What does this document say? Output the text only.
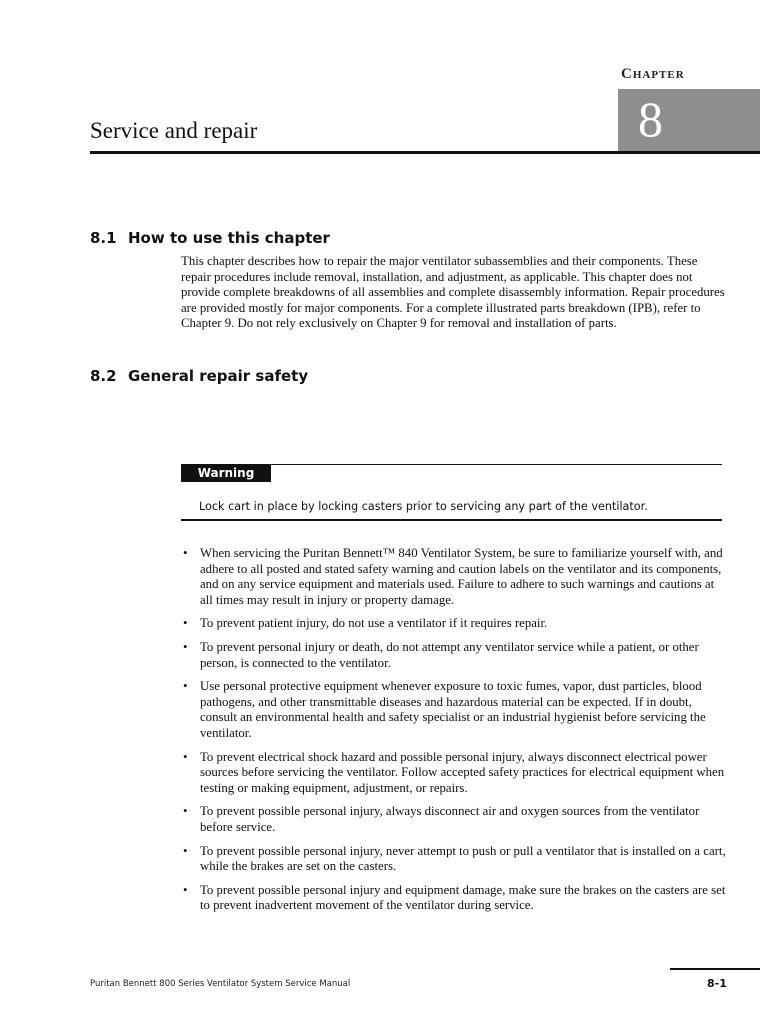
Chapter
8
Service and repair
8.1 How to use this chapter

This chapter describes how to repair the major ventilator subassemblies and their components. These repair procedures include removal, installation, and adjustment, as applicable. This chapter does not provide complete breakdowns of all assemblies and complete disassembly information. Repair procedures are provided mostly for major components. For a complete illustrated parts breakdown (IPB), refer to Chapter 9. Do not rely exclusively on Chapter 9 for removal and installation of parts.

8.2 General repair safety
Warning
Lock cart in place by locking casters prior to servicing any part of the ventilator.
• When servicing the Puritan Bennett™ 840 Ventilator System, be sure to familiarize yourself with, and adhere to all posted and stated safety warning and caution labels on the ventilator and its components, and on any service equipment and materials used. Failure to adhere to such warnings and cautions at all times may result in injury or property damage.
• To prevent patient injury, do not use a ventilator if it requires repair.
• To prevent personal injury or death, do not attempt any ventilator service while a patient, or other person, is connected to the ventilator.
• Use personal protective equipment whenever exposure to toxic fumes, vapor, dust particles, blood pathogens, and other transmittable diseases and hazardous material can be expected. If in doubt, consult an environmental health and safety specialist or an industrial hygienist before servicing the ventilator.
• To prevent electrical shock hazard and possible personal injury, always disconnect electrical power sources before servicing the ventilator. Follow accepted safety practices for electrical equipment when testing or making equipment, adjustment, or repairs.
• To prevent possible personal injury, always disconnect air and oxygen sources from the ventilator before service.
• To prevent possible personal injury, never attempt to push or pull a ventilator that is installed on a cart, while the brakes are set on the casters.
• To prevent possible personal injury and equipment damage, make sure the brakes on the casters are set to prevent inadvertent movement of the ventilator during service.
Puritan Bennett 800 Series Ventilator System Service Manual	8-1
